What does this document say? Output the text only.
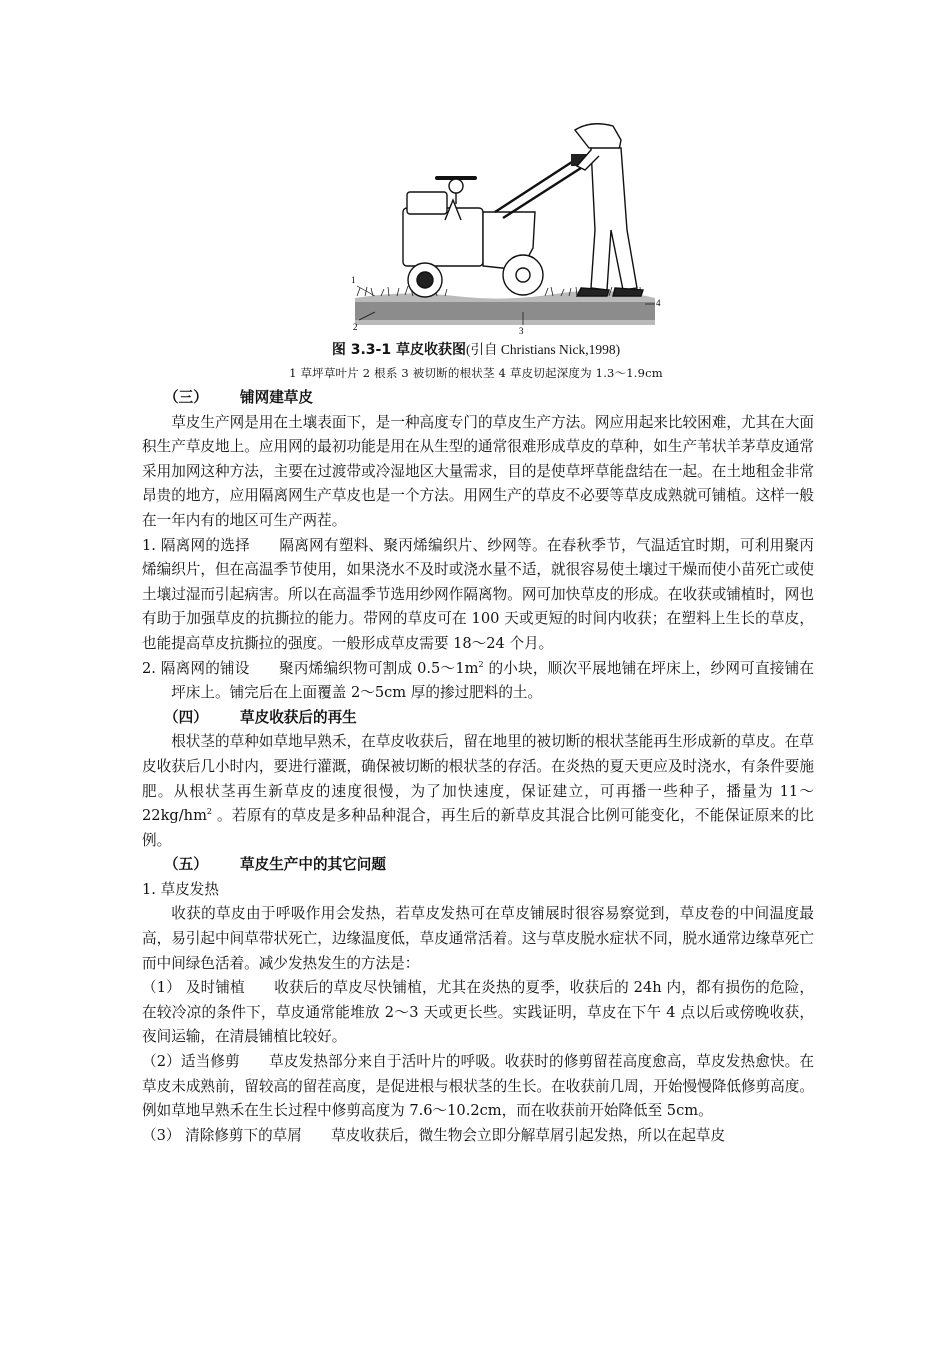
1
2	3
4
图 3.3-1 草皮收获图(引自 Christians Nick,1998)
1 草坪草叶片 2 根系 3 被切断的根状茎 4 草皮切起深度为 1.3～1.9cm
（三） 铺网建草皮

草皮生产网是用在土壤表面下，是一种高度专门的草皮生产方法。网应用起来比较困难，尤其在大面积生产草皮地上。应用网的最初功能是用在从生型的通常很难形成草皮的草种，如生产苇状羊茅草皮通常采用加网这种方法，主要在过渡带或冷湿地区大量需求，目的是使草坪草能盘结在一起。在土地租金非常昂贵的地方，应用隔离网生产草皮也是一个方法。用网生产的草皮不必要等草皮成熟就可铺植。这样一般在一年内有的地区可生产两茬。

1. 隔离网的选择 隔离网有塑料、聚丙烯编织片、纱网等。在春秋季节，气温适宜时期，可利用聚丙烯编织片，但在高温季节使用，如果浇水不及时或浇水量不适，就很容易使土壤过干燥而使小苗死亡或使土壤过湿而引起病害。所以在高温季节选用纱网作隔离物。网可加快草皮的形成。在收获或铺植时，网也有助于加强草皮的抗撕拉的能力。带网的草皮可在 100 天或更短的时间内收获；在塑料上生长的草皮，也能提高草皮抗撕拉的强度。一般形成草皮需要 18～24 个月。

2. 隔离网的铺设 聚丙烯编织物可割成 $0.5\sim 1m^2$ 的小块，顺次平展地铺在坪床上，纱网可直接铺在坪床上。铺完后在上面覆盖 2～5cm 厚的掺过肥料的土。

（四） 草皮收获后的再生

根状茎的草种如草地早熟禾，在草皮收获后，留在地里的被切断的根状茎能再生形成新的草皮。在草皮收获后几小时内，要进行灌溉，确保被切断的根状茎的存活。在炎热的夏天更应及时浇水，有条件要施肥。从根状茎再生新草皮的速度很慢，为了加快速度，保证建立，可再播一些种子，播量为 $11\sim 22kg/hm^2$ 。若原有的草皮是多种品种混合，再生后的新草皮其混合比例可能变化，不能保证原来的比例。

（五） 草皮生产中的其它问题

1. 草皮发热

收获的草皮由于呼吸作用会发热，若草皮发热可在草皮铺展时很容易察觉到，草皮卷的中间温度最高，易引起中间草带状死亡，边缘温度低，草皮通常活着。这与草皮脱水症状不同，脱水通常边缘草死亡而中间绿色活着。减少发热发生的方法是：

（1） 及时铺植 收获后的草皮尽快铺植，尤其在炎热的夏季，收获后的 24h 内，都有损伤的危险，在较冷凉的条件下，草皮通常能堆放 2～3 天或更长些。实践证明，草皮在下午 4 点以后或傍晚收获，夜间运输，在清晨铺植比较好。

（2）适当修剪 草皮发热部分来自于活叶片的呼吸。收获时的修剪留茬高度愈高，草皮发热愈快。在草皮未成熟前，留较高的留茬高度，是促进根与根状茎的生长。在收获前几周，开始慢慢降低修剪高度。例如草地早熟禾在生长过程中修剪高度为 7.6～10.2cm，而在收获前开始降低至 5cm。

（3） 清除修剪下的草屑 草皮收获后，微生物会立即分解草屑引起发热，所以在起草皮
